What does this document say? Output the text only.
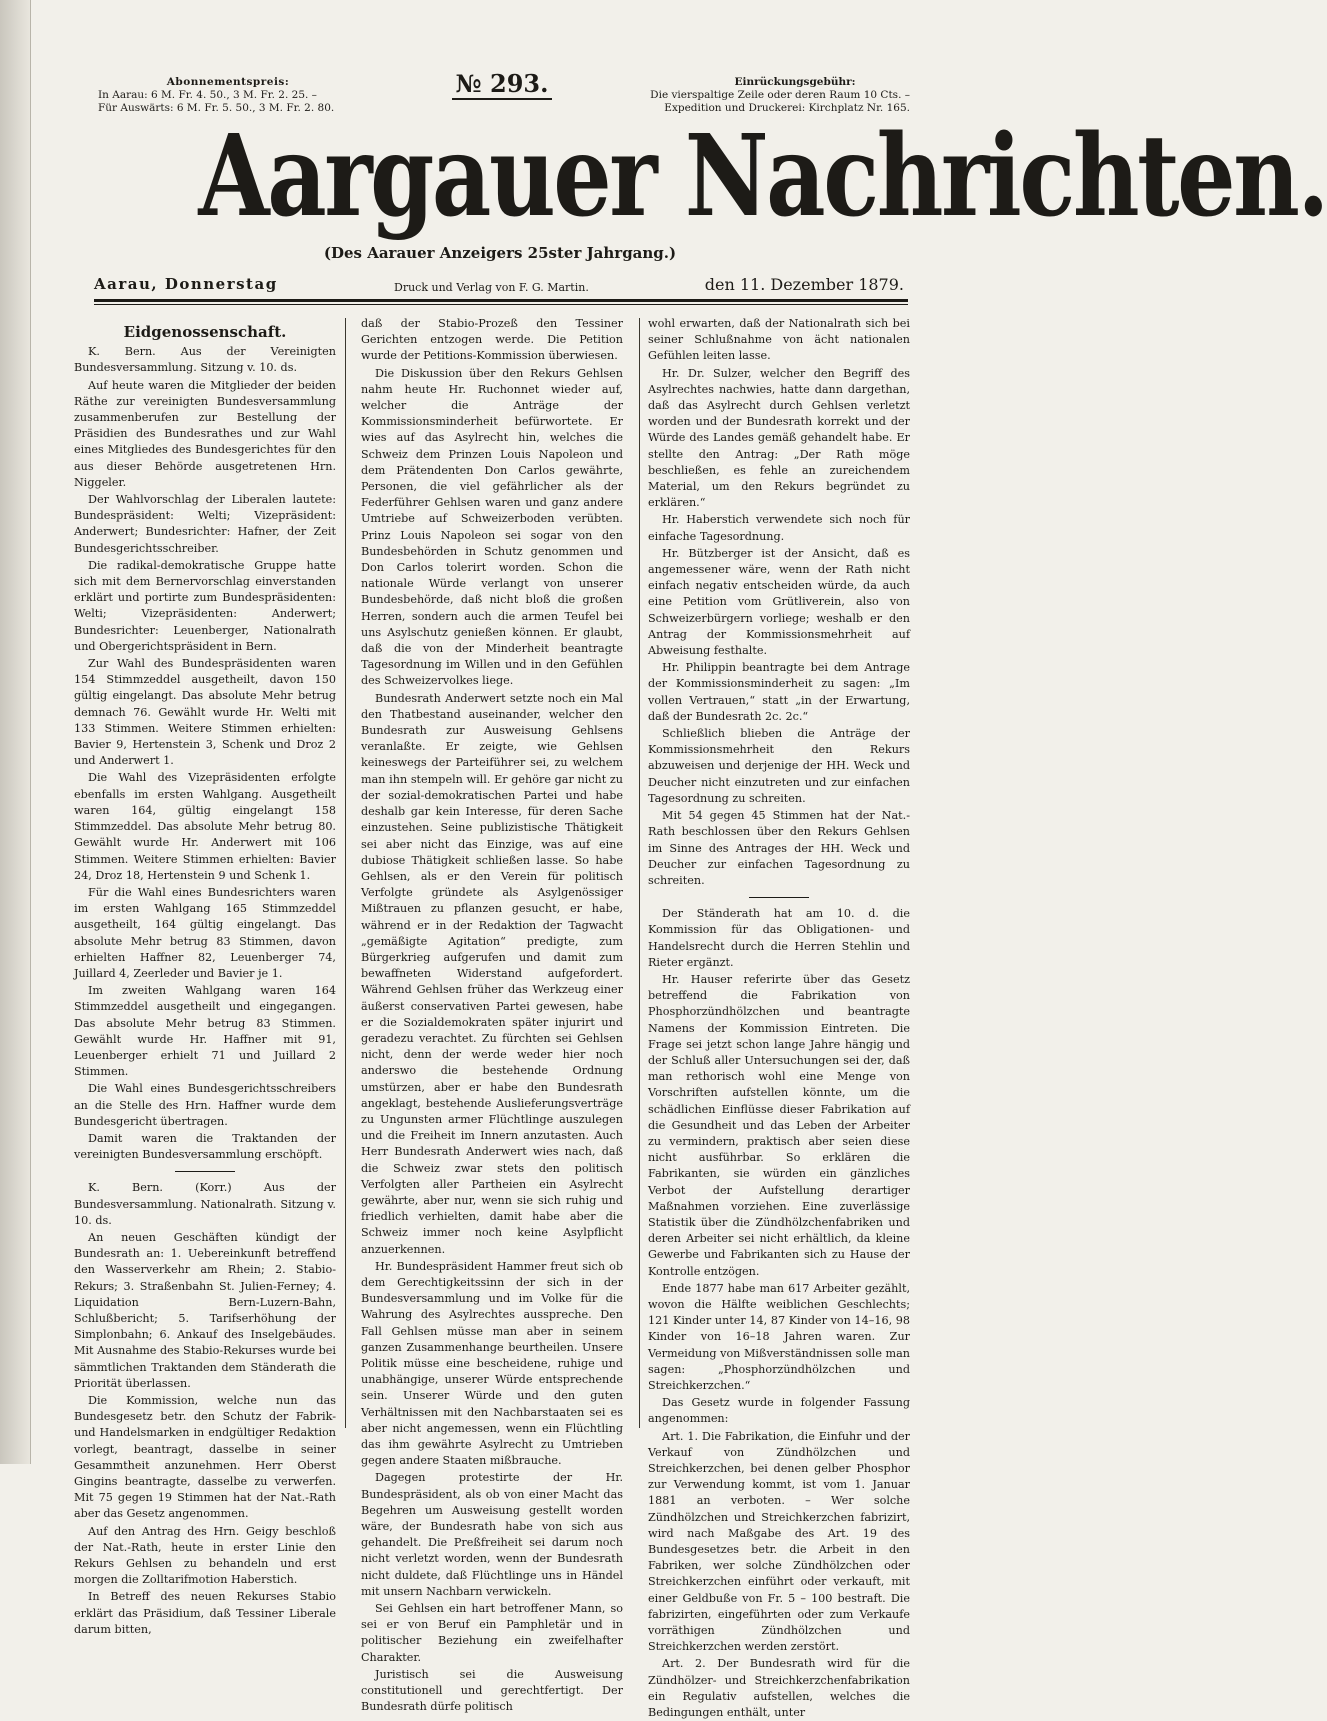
Abonnementspreis:
In Aarau: 6 M. Fr. 4. 50., 3 M. Fr. 2. 25. –
Für Auswärts: 6 M. Fr. 5. 50., 3 M. Fr. 2. 80.
№ 293.	Einrückungsgebühr:
Die vierspaltige Zeile oder deren Raum 10 Cts. –
Expedition und Druckerei: Kirchplatz Nr. 165.
Aargauer Nachrichten.
(Des Aarauer Anzeigers 25ster Jahrgang.)
Aarau, Donnerstag	Druck und Verlag von F. G. Martin.	den 11. Dezember 1879.
Eidgenossenschaft.

K. Bern. Aus der Vereinigten Bundesversammlung. Sitzung v. 10. ds.

Auf heute waren die Mitglieder der beiden Räthe zur vereinigten Bundesversammlung zusammenberufen zur Bestellung der Präsidien des Bundesrathes und zur Wahl eines Mitgliedes des Bundesgerichtes für den aus dieser Behörde ausgetretenen Hrn. Niggeler.

Der Wahlvorschlag der Liberalen lautete: Bundespräsident: Welti; Vizepräsident: Anderwert; Bundesrichter: Hafner, der Zeit Bundesgerichtsschreiber.

Die radikal-demokratische Gruppe hatte sich mit dem Bernervorschlag einverstanden erklärt und portirte zum Bundespräsidenten: Welti; Vizepräsidenten: Anderwert; Bundesrichter: Leuenberger, Nationalrath und Obergerichtspräsident in Bern.

Zur Wahl des Bundespräsidenten waren 154 Stimmzeddel ausgetheilt, davon 150 gültig eingelangt. Das absolute Mehr betrug demnach 76. Gewählt wurde Hr. Welti mit 133 Stimmen. Weitere Stimmen erhielten: Bavier 9, Hertenstein 3, Schenk und Droz 2 und Anderwert 1.

Die Wahl des Vizepräsidenten erfolgte ebenfalls im ersten Wahlgang. Ausgetheilt waren 164, gültig eingelangt 158 Stimmzeddel. Das absolute Mehr betrug 80. Gewählt wurde Hr. Anderwert mit 106 Stimmen. Weitere Stimmen erhielten: Bavier 24, Droz 18, Hertenstein 9 und Schenk 1.

Für die Wahl eines Bundesrichters waren im ersten Wahlgang 165 Stimmzeddel ausgetheilt, 164 gültig eingelangt. Das absolute Mehr betrug 83 Stimmen, davon erhielten Haffner 82, Leuenberger 74, Juillard 4, Zeerleder und Bavier je 1.

Im zweiten Wahlgang waren 164 Stimmzeddel ausgetheilt und eingegangen. Das absolute Mehr betrug 83 Stimmen. Gewählt wurde Hr. Haffner mit 91, Leuenberger erhielt 71 und Juillard 2 Stimmen.

Die Wahl eines Bundesgerichtsschreibers an die Stelle des Hrn. Haffner wurde dem Bundesgericht übertragen.

Damit waren die Traktanden der vereinigten Bundesversammlung erschöpft.

K. Bern. (Korr.) Aus der Bundesversammlung. Nationalrath. Sitzung v. 10. ds.

An neuen Geschäften kündigt der Bundesrath an: 1. Uebereinkunft betreffend den Wasserverkehr am Rhein; 2. Stabio-Rekurs; 3. Straßenbahn St. Julien-Ferney; 4. Liquidation Bern-Luzern-Bahn, Schlußbericht; 5. Tarifserhöhung der Simplonbahn; 6. Ankauf des Inselgebäudes. Mit Ausnahme des Stabio-Rekurses wurde bei sämmtlichen Traktanden dem Ständerath die Priorität überlassen.

Die Kommission, welche nun das Bundesgesetz betr. den Schutz der Fabrik- und Handelsmarken in endgültiger Redaktion vorlegt, beantragt, dasselbe in seiner Gesammtheit anzunehmen. Herr Oberst Gingins beantragte, dasselbe zu verwerfen. Mit 75 gegen 19 Stimmen hat der Nat.-Rath aber das Gesetz angenommen.

Auf den Antrag des Hrn. Geigy beschloß der Nat.-Rath, heute in erster Linie den Rekurs Gehlsen zu behandeln und erst morgen die Zolltarifmotion Haberstich.

In Betreff des neuen Rekurses Stabio erklärt das Präsidium, daß Tessiner Liberale darum bitten,

daß der Stabio-Prozeß den Tessiner Gerichten entzogen werde. Die Petition wurde der Petitions-Kommission überwiesen.

Die Diskussion über den Rekurs Gehlsen nahm heute Hr. Ruchonnet wieder auf, welcher die Anträge der Kommissionsminderheit befürwortete. Er wies auf das Asylrecht hin, welches die Schweiz dem Prinzen Louis Napoleon und dem Prätendenten Don Carlos gewährte, Personen, die viel gefährlicher als der Federführer Gehlsen waren und ganz andere Umtriebe auf Schweizerboden verübten. Prinz Louis Napoleon sei sogar von den Bundesbehörden in Schutz genommen und Don Carlos tolerirt worden. Schon die nationale Würde verlangt von unserer Bundesbehörde, daß nicht bloß die großen Herren, sondern auch die armen Teufel bei uns Asylschutz genießen können. Er glaubt, daß die von der Minderheit beantragte Tagesordnung im Willen und in den Gefühlen des Schweizervolkes liege.

Bundesrath Anderwert setzte noch ein Mal den Thatbestand auseinander, welcher den Bundesrath zur Ausweisung Gehlsens veranlaßte. Er zeigte, wie Gehlsen keineswegs der Parteiführer sei, zu welchem man ihn stempeln will. Er gehöre gar nicht zu der sozial-demokratischen Partei und habe deshalb gar kein Interesse, für deren Sache einzustehen. Seine publizistische Thätigkeit sei aber nicht das Einzige, was auf eine dubiose Thätigkeit schließen lasse. So habe Gehlsen, als er den Verein für politisch Verfolgte gründete als Asylgenössiger Mißtrauen zu pflanzen gesucht, er habe, während er in der Redaktion der Tagwacht „gemäßigte Agitation“ predigte, zum Bürgerkrieg aufgerufen und damit zum bewaffneten Widerstand aufgefordert. Während Gehlsen früher das Werkzeug einer äußerst conservativen Partei gewesen, habe er die Sozialdemokraten später injurirt und geradezu verachtet. Zu fürchten sei Gehlsen nicht, denn der werde weder hier noch anderswo die bestehende Ordnung umstürzen, aber er habe den Bundesrath angeklagt, bestehende Auslieferungsverträge zu Ungunsten armer Flüchtlinge auszulegen und die Freiheit im Innern anzutasten. Auch Herr Bundesrath Anderwert wies nach, daß die Schweiz zwar stets den politisch Verfolgten aller Partheien ein Asylrecht gewährte, aber nur, wenn sie sich ruhig und friedlich verhielten, damit habe aber die Schweiz immer noch keine Asylpflicht anzuerkennen.

Hr. Bundespräsident Hammer freut sich ob dem Gerechtigkeitssinn der sich in der Bundesversammlung und im Volke für die Wahrung des Asylrechtes ausspreche. Den Fall Gehlsen müsse man aber in seinem ganzen Zusammenhange beurtheilen. Unsere Politik müsse eine bescheidene, ruhige und unabhängige, unserer Würde entsprechende sein. Unserer Würde und den guten Verhältnissen mit den Nachbarstaaten sei es aber nicht angemessen, wenn ein Flüchtling das ihm gewährte Asylrecht zu Umtrieben gegen andere Staaten mißbrauche.

Dagegen protestirte der Hr. Bundespräsident, als ob von einer Macht das Begehren um Ausweisung gestellt worden wäre, der Bundesrath habe von sich aus gehandelt. Die Preßfreiheit sei darum noch nicht verletzt worden, wenn der Bundesrath nicht duldete, daß Flüchtlinge uns in Händel mit unsern Nachbarn verwickeln.

Sei Gehlsen ein hart betroffener Mann, so sei er von Beruf ein Pamphletär und in politischer Beziehung ein zweifelhafter Charakter.

Juristisch sei die Ausweisung constitutionell und gerechtfertigt. Der Bundesrath dürfe politisch

wohl erwarten, daß der Nationalrath sich bei seiner Schlußnahme von ächt nationalen Gefühlen leiten lasse.

Hr. Dr. Sulzer, welcher den Begriff des Asylrechtes nachwies, hatte dann dargethan, daß das Asylrecht durch Gehlsen verletzt worden und der Bundesrath korrekt und der Würde des Landes gemäß gehandelt habe. Er stellte den Antrag: „Der Rath möge beschließen, es fehle an zureichendem Material, um den Rekurs begründet zu erklären.“

Hr. Haberstich verwendete sich noch für einfache Tagesordnung.

Hr. Bützberger ist der Ansicht, daß es angemessener wäre, wenn der Rath nicht einfach negativ entscheiden würde, da auch eine Petition vom Grütliverein, also von Schweizerbürgern vorliege; weshalb er den Antrag der Kommissionsmehrheit auf Abweisung festhalte.

Hr. Philippin beantragte bei dem Antrage der Kommissionsminderheit zu sagen: „Im vollen Vertrauen,“ statt „in der Erwartung, daß der Bundesrath 2c. 2c.“

Schließlich blieben die Anträge der Kommissionsmehrheit den Rekurs abzuweisen und derjenige der HH. Weck und Deucher nicht einzutreten und zur einfachen Tagesordnung zu schreiten.

Mit 54 gegen 45 Stimmen hat der Nat.-Rath beschlossen über den Rekurs Gehlsen im Sinne des Antrages der HH. Weck und Deucher zur einfachen Tagesordnung zu schreiten.

Der Ständerath hat am 10. d. die Kommission für das Obligationen- und Handelsrecht durch die Herren Stehlin und Rieter ergänzt.

Hr. Hauser referirte über das Gesetz betreffend die Fabrikation von Phosphorzündhölzchen und beantragte Namens der Kommission Eintreten. Die Frage sei jetzt schon lange Jahre hängig und der Schluß aller Untersuchungen sei der, daß man rethorisch wohl eine Menge von Vorschriften aufstellen könnte, um die schädlichen Einflüsse dieser Fabrikation auf die Gesundheit und das Leben der Arbeiter zu vermindern, praktisch aber seien diese nicht ausführbar. So erklären die Fabrikanten, sie würden ein gänzliches Verbot der Aufstellung derartiger Maßnahmen vorziehen. Eine zuverlässige Statistik über die Zündhölzchenfabriken und deren Arbeiter sei nicht erhältlich, da kleine Gewerbe und Fabrikanten sich zu Hause der Kontrolle entzögen.

Ende 1877 habe man 617 Arbeiter gezählt, wovon die Hälfte weiblichen Geschlechts; 121 Kinder unter 14, 87 Kinder von 14–16, 98 Kinder von 16–18 Jahren waren. Zur Vermeidung von Mißverständnissen solle man sagen: „Phosphorzündhölzchen und Streichkerzchen.“

Das Gesetz wurde in folgender Fassung angenommen:

Art. 1. Die Fabrikation, die Einfuhr und der Verkauf von Zündhölzchen und Streichkerzchen, bei denen gelber Phosphor zur Verwendung kommt, ist vom 1. Januar 1881 an verboten. – Wer solche Zündhölzchen und Streichkerzchen fabrizirt, wird nach Maßgabe des Art. 19 des Bundesgesetzes betr. die Arbeit in den Fabriken, wer solche Zündhölzchen oder Streichkerzchen einführt oder verkauft, mit einer Geldbuße von Fr. 5 – 100 bestraft. Die fabrizirten, eingeführten oder zum Verkaufe vorräthigen Zündhölzchen und Streichkerzchen werden zerstört.

Art. 2. Der Bundesrath wird für die Zündhölzer- und Streichkerzchenfabrikation ein Regulativ aufstellen, welches die Bedingungen enthält, unter
